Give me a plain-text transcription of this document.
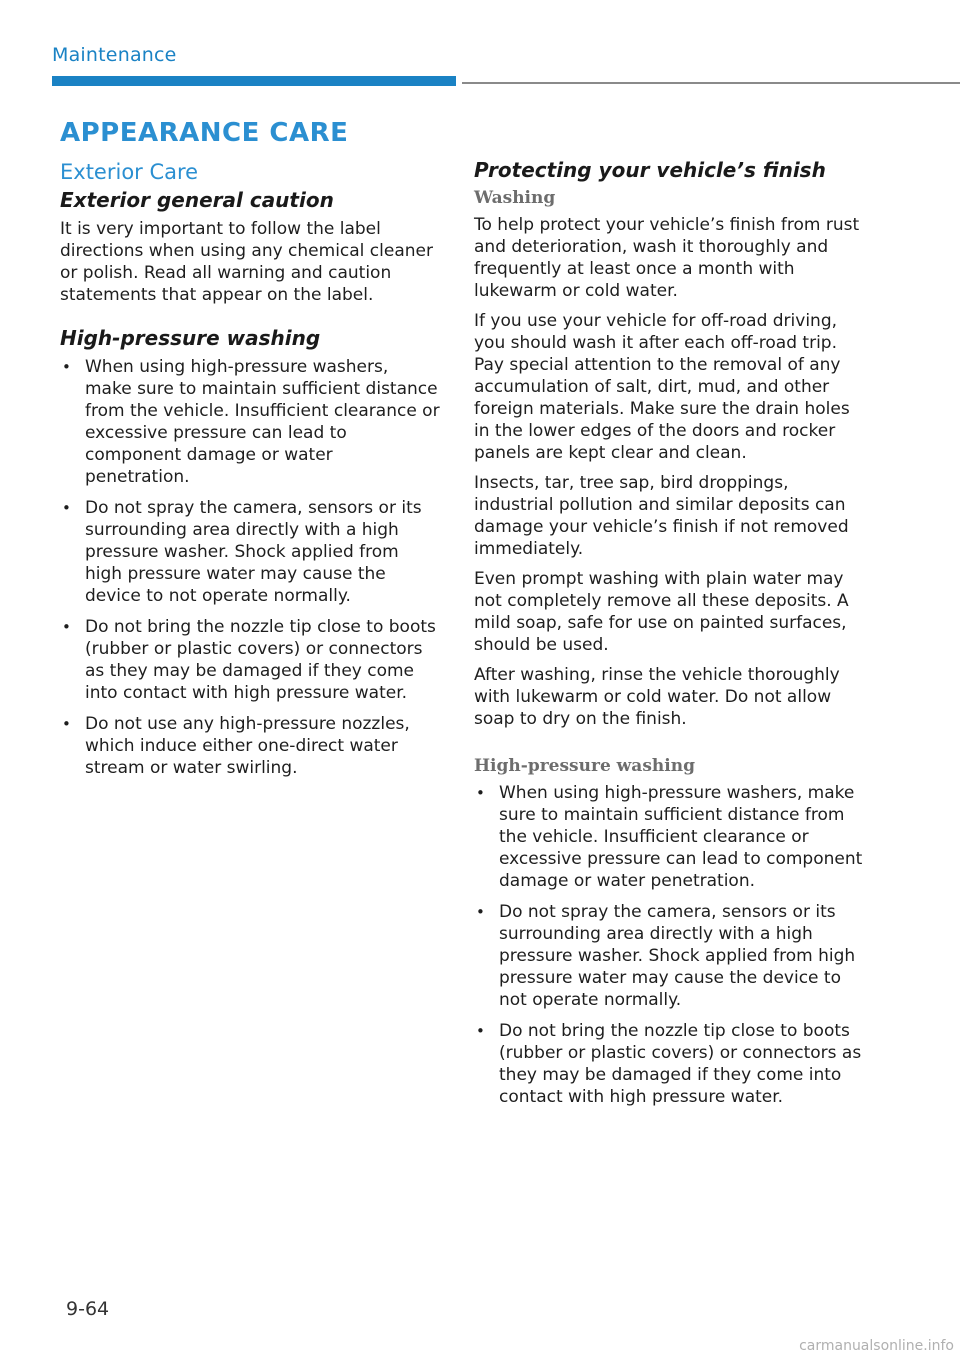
Maintenance
APPEARANCE CARE
Exterior Care
Exterior general caution

It is very important to follow the label directions when using any chemical cleaner or polish. Read all warning and caution statements that appear on the label.

High-pressure washing
• When using high-pressure washers, make sure to maintain sufficient distance from the vehicle. Insufficient clearance or excessive pressure can lead to component damage or water penetration.
• Do not spray the camera, sensors or its surrounding area directly with a high pressure washer. Shock applied from high pressure water may cause the device to not operate normally.
• Do not bring the nozzle tip close to boots (rubber or plastic covers) or connectors as they may be damaged if they come into contact with high pressure water.
• Do not use any high-pressure nozzles, which induce either one-direct water stream or water swirling.
Protecting your vehicle’s finish
Washing

To help protect your vehicle’s finish from rust and deterioration, wash it thoroughly and frequently at least once a month with lukewarm or cold water.

If you use your vehicle for off-road driving, you should wash it after each off-road trip. Pay special attention to the removal of any accumulation of salt, dirt, mud, and other foreign materials. Make sure the drain holes in the lower edges of the doors and rocker panels are kept clear and clean.

Insects, tar, tree sap, bird droppings, industrial pollution and similar deposits can damage your vehicle’s finish if not removed immediately.

Even prompt washing with plain water may not completely remove all these deposits. A mild soap, safe for use on painted surfaces, should be used.

After washing, rinse the vehicle thoroughly with lukewarm or cold water. Do not allow soap to dry on the finish.

High-pressure washing
• When using high-pressure washers, make sure to maintain sufficient distance from the vehicle. Insufficient clearance or excessive pressure can lead to component damage or water penetration.
• Do not spray the camera, sensors or its surrounding area directly with a high pressure washer. Shock applied from high pressure water may cause the device to not operate normally.
• Do not bring the nozzle tip close to boots (rubber or plastic covers) or connectors as they may be damaged if they come into contact with high pressure water.
9-64
carmanualsonline.info
